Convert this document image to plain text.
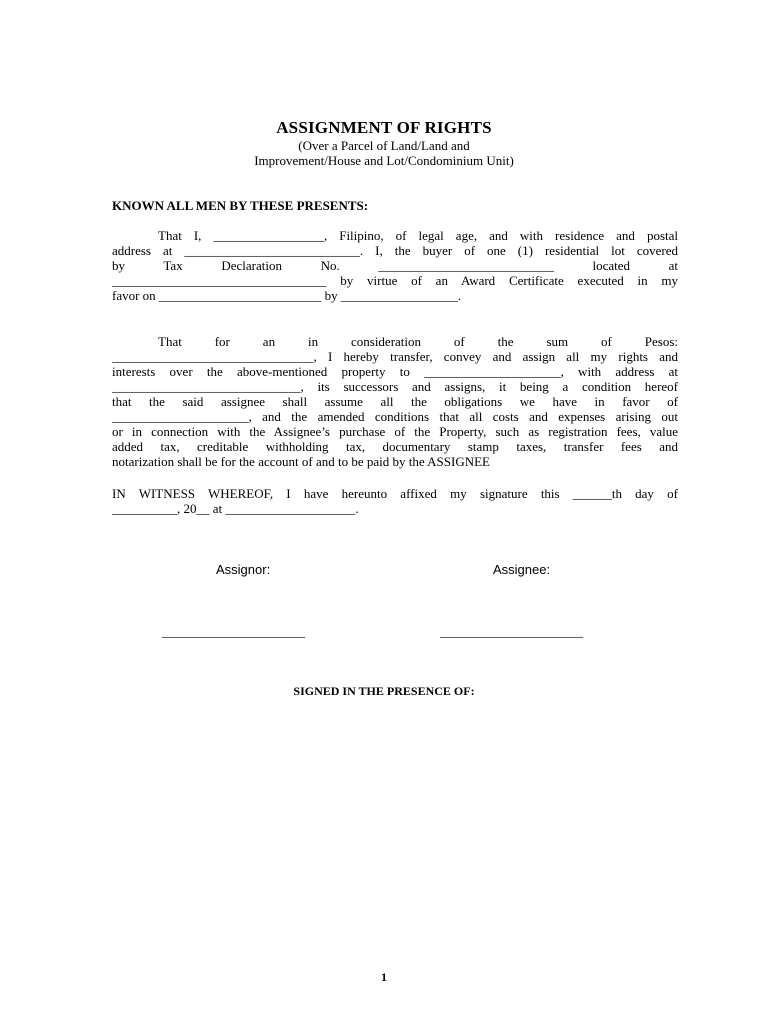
ASSIGNMENT OF RIGHTS
(Over a Parcel of Land/Land and
Improvement/House and Lot/Condominium Unit)
KNOWN ALL MEN BY THESE PRESENTS:
That I, _________________, Filipino, of legal age, and with residence and postal
address at ___________________________. I, the buyer of one (1) residential lot covered
by Tax Declaration No. ___________________________ located at
_________________________________ by virtue of an Award Certificate executed in my
favor on _________________________ by __________________.
That for an in consideration of the sum of Pesos:
_______________________________, I hereby transfer, convey and assign all my rights and
interests over the above-mentioned property to _____________________, with address at
_____________________________, its successors and assigns, it being a condition hereof
that the said assignee shall assume all the obligations we have in favor of
_____________________, and the amended conditions that all costs and expenses arising out
or in connection with the Assignee’s purchase of the Property, such as registration fees, value
added tax, creditable withholding tax, documentary stamp taxes, transfer fees and
notarization shall be for the account of and to be paid by the ASSIGNEE
IN WITNESS WHEREOF, I have hereunto affixed my signature this ______th day of
__________, 20__ at ____________________.
Assignor:	Assignee:
______________________	______________________
SIGNED IN THE PRESENCE OF:
1
